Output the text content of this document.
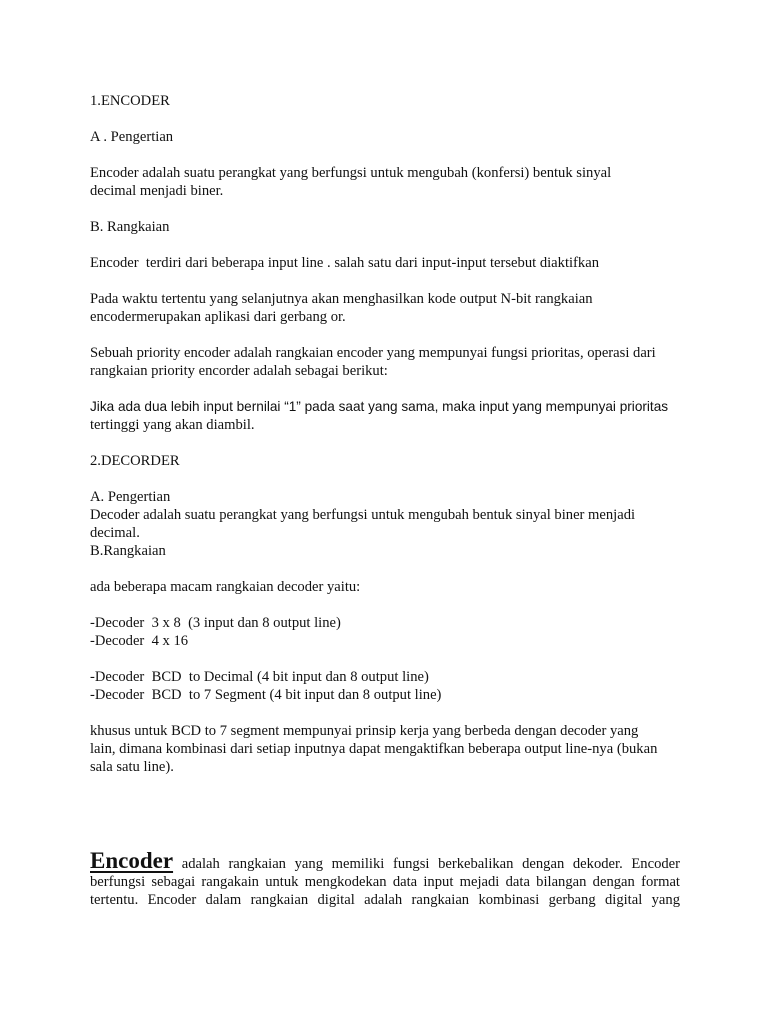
1.ENCODER

A . Pengertian

Encoder adalah suatu perangkat yang berfungsi untuk mengubah (konfersi) bentuk sinyal

decimal menjadi biner.

B. Rangkaian

Encoder  terdiri dari beberapa input line . salah satu dari input-input tersebut diaktifkan

Pada waktu tertentu yang selanjutnya akan menghasilkan kode output N-bit rangkaian

encodermerupakan aplikasi dari gerbang or.

Sebuah priority encoder adalah rangkaian encoder yang mempunyai fungsi prioritas, operasi dari

rangkaian priority encorder adalah sebagai berikut:

Jika ada dua lebih input bernilai “1” pada saat yang sama, maka input yang mempunyai prioritas

tertinggi yang akan diambil.

2.DECORDER

A. Pengertian

Decoder adalah suatu perangkat yang berfungsi untuk mengubah bentuk sinyal biner menjadi

decimal.

B.Rangkaian

ada beberapa macam rangkaian decoder yaitu:

-Decoder  3 x 8  (3 input dan 8 output line)

-Decoder  4 x 16

-Decoder  BCD  to Decimal (4 bit input dan 8 output line)

-Decoder  BCD  to 7 Segment (4 bit input dan 8 output line)

khusus untuk BCD to 7 segment mempunyai prinsip kerja yang berbeda dengan decoder yang

lain, dimana kombinasi dari setiap inputnya dapat mengaktifkan beberapa output line-nya (bukan

sala satu line).

Encoder adalah rangkaian yang memiliki fungsi berkebalikan dengan dekoder. Encoder
berfungsi sebagai rangakain untuk mengkodekan data input mejadi data bilangan dengan format
tertentu. Encoder dalam rangkaian digital adalah rangkaian kombinasi gerbang digital yang
